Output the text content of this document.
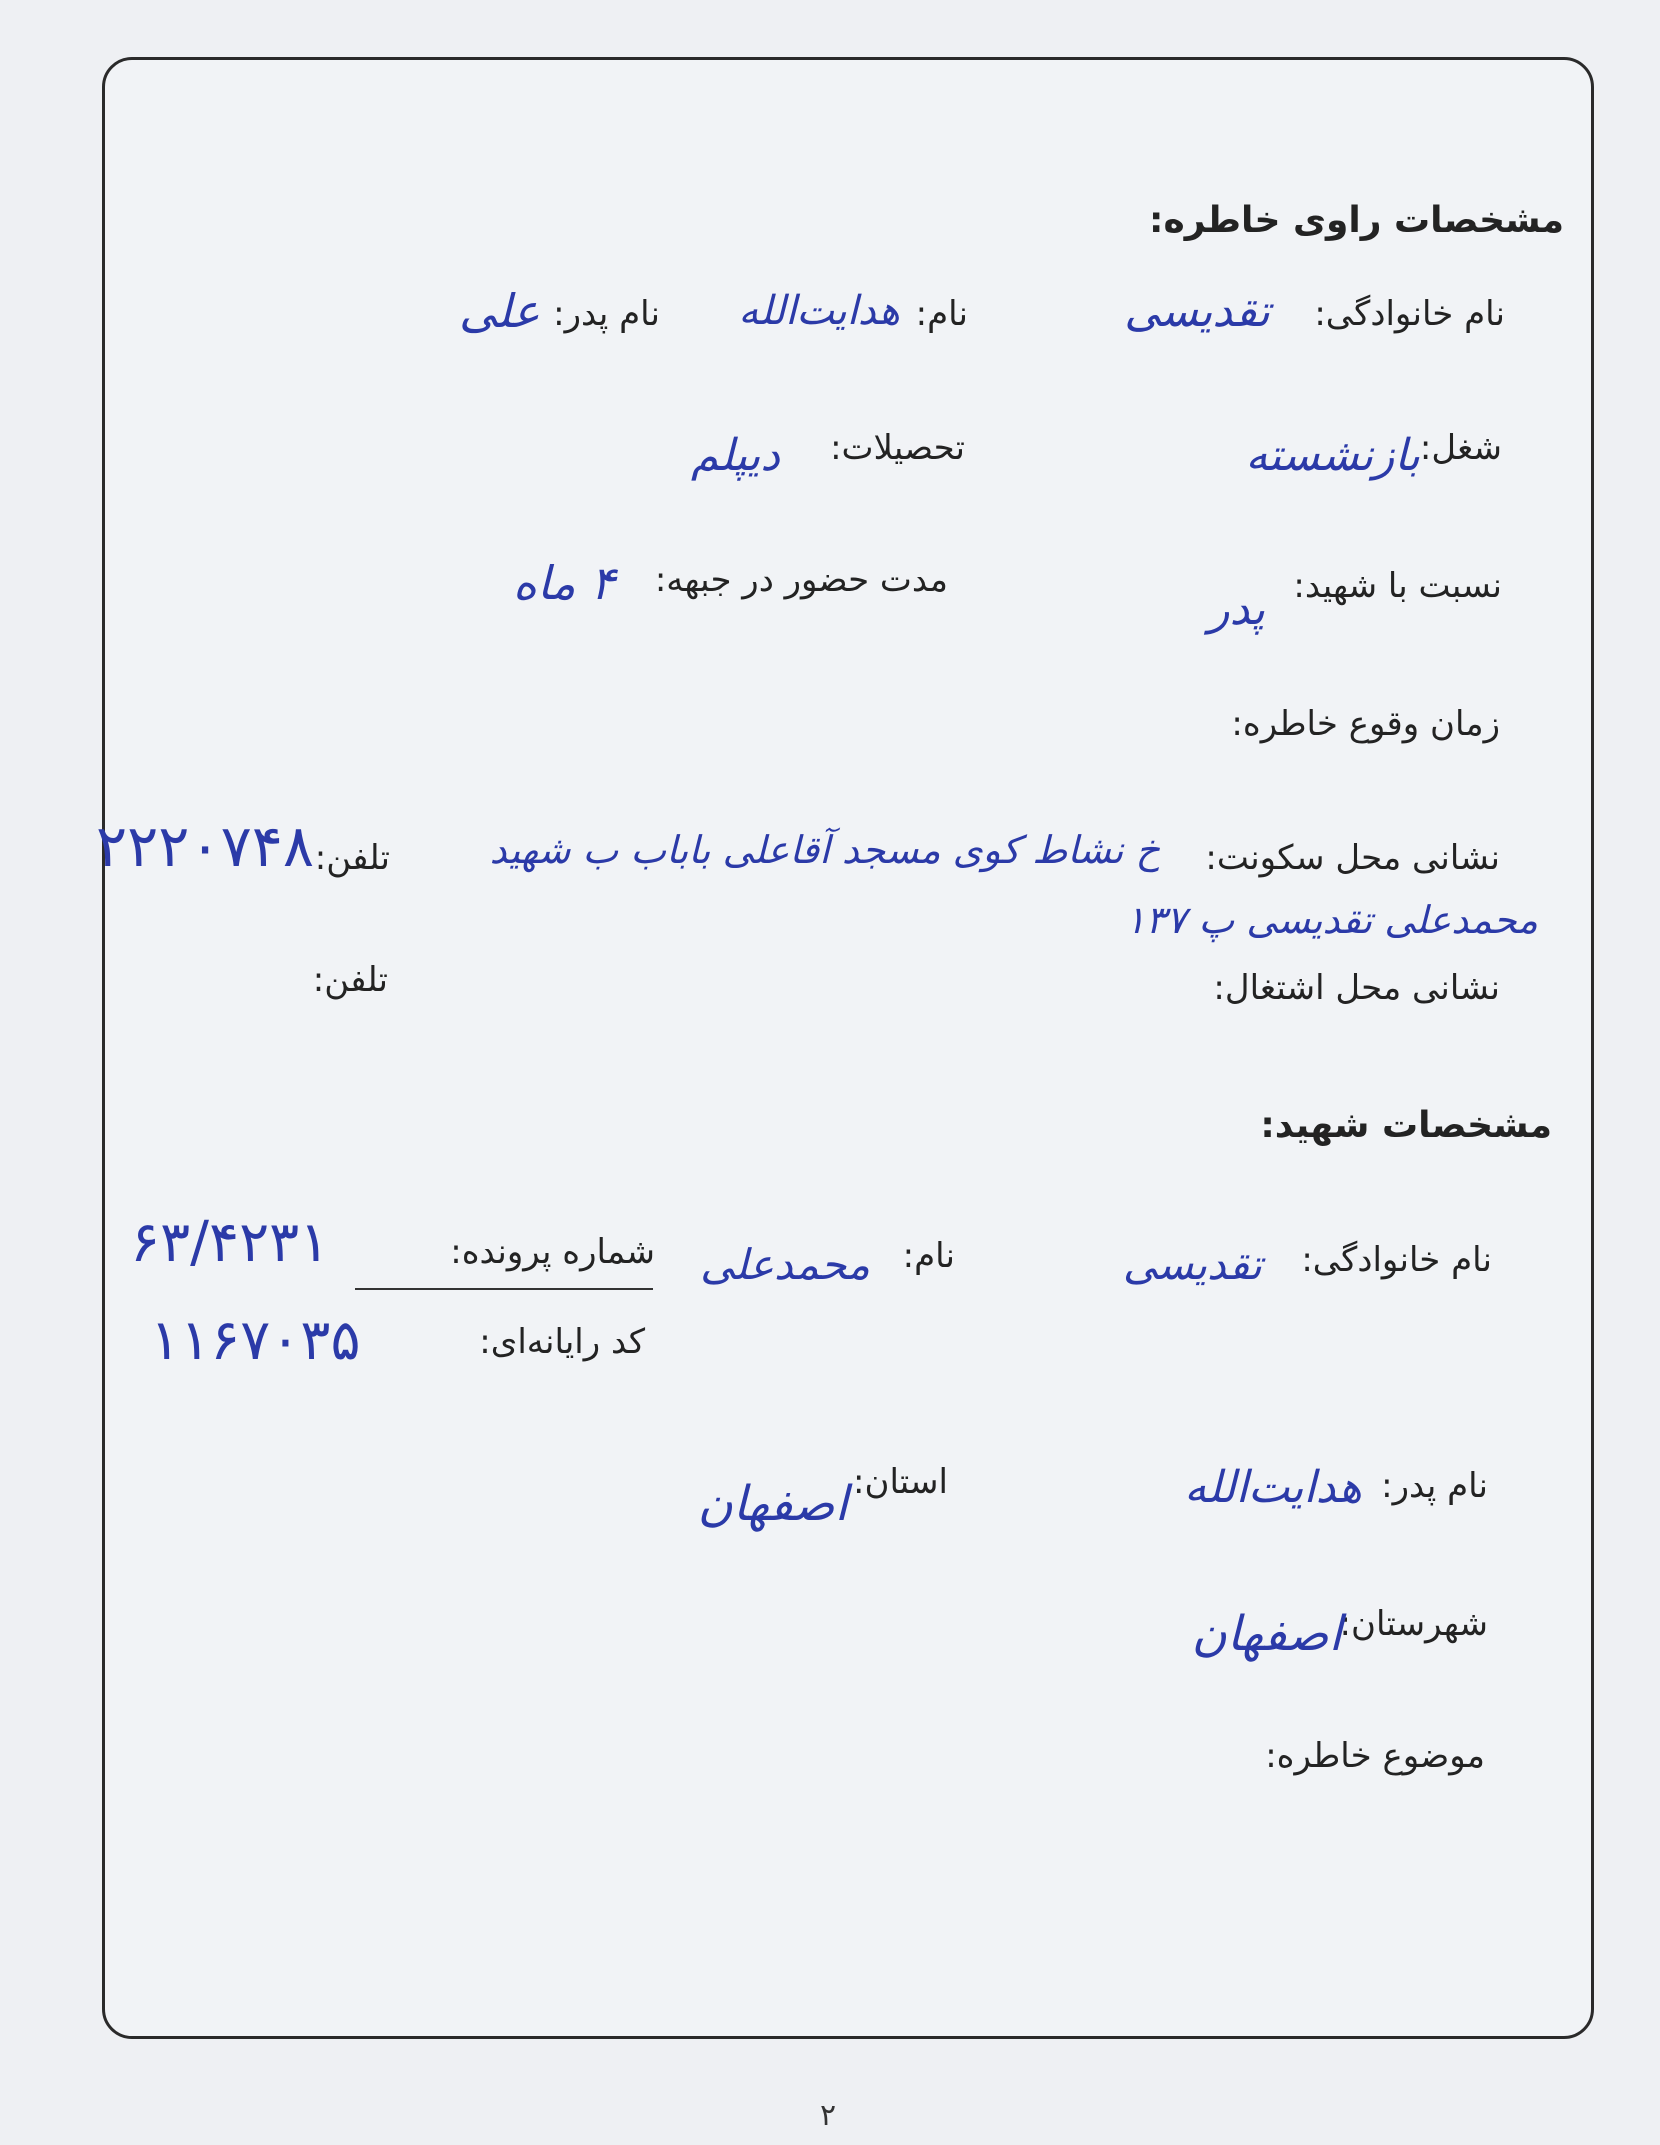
مشخصات راوی خاطره:
نام خانوادگی:
تقدیسی
نام:
هدایت‌الله
نام پدر:
علی
شغل:
بازنشسته
تحصیلات:
دیپلم
نسبت با شهید:
پدر
مدت حضور در جبهه:
۴ ماه
زمان وقوع خاطره:
نشانی محل سکونت:
خ نشاط کوی مسجد آقاعلی باباب ب شهید
محمدعلی تقدیسی پ ۱۳۷
تلفن:
۲۲۲۰۷۴۸
نشانی محل اشتغال:
تلفن:
مشخصات شهید:
نام خانوادگی:
تقدیسی
نام:
محمدعلی
شماره پرونده:
۶۳/۴۲۳۱
کد رایانه‌ای:
۱۱۶۷۰۳۵
نام پدر:
هدایت‌الله
استان:
اصفهان
شهرستان:
اصفهان
موضوع خاطره:
۲
